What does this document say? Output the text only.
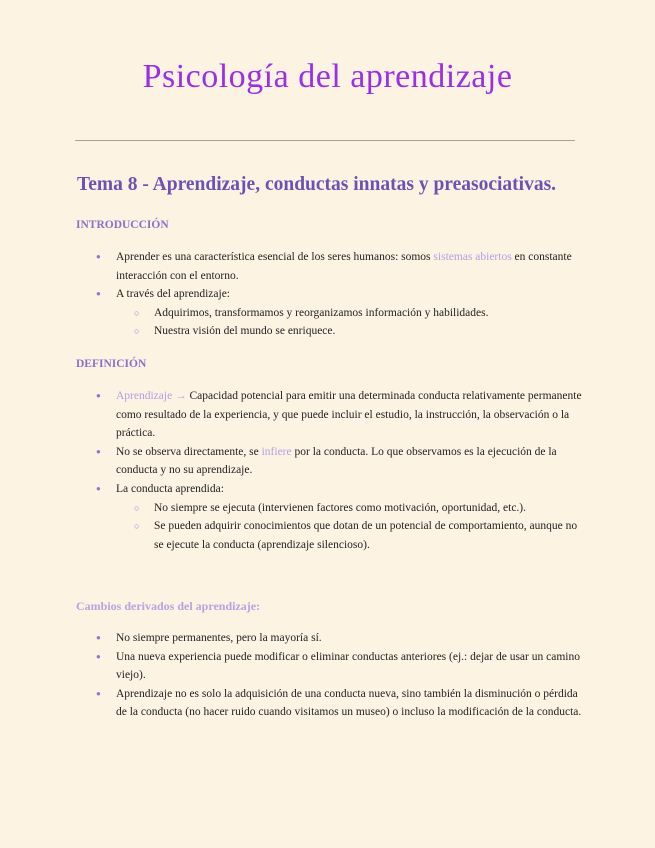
Psicología del aprendizaje
Tema 8 - Aprendizaje, conductas innatas y preasociativas.
INTRODUCCIÓN
● Aprender es una característica esencial de los seres humanos: somos sistemas abiertos en constante interacción con el entorno.
● A través del aprendizaje:
○ Adquirimos, transformamos y reorganizamos información y habilidades.
○ Nuestra visión del mundo se enriquece.
DEFINICIÓN
● Aprendizaje → Capacidad potencial para emitir una determinada conducta relativamente permanente como resultado de la experiencia, y que puede incluir el estudio, la instrucción, la observación o la práctica.
● No se observa directamente, se infiere por la conducta. Lo que observamos es la ejecución de la conducta y no su aprendizaje.
● La conducta aprendida:
○ No siempre se ejecuta (intervienen factores como motivación, oportunidad, etc.).
○ Se pueden adquirir conocimientos que dotan de un potencial de comportamiento, aunque no se ejecute la conducta (aprendizaje silencioso).
Cambios derivados del aprendizaje:
● No siempre permanentes, pero la mayoría sí.
● Una nueva experiencia puede modificar o eliminar conductas anteriores (ej.: dejar de usar un camino viejo).
● Aprendizaje no es solo la adquisición de una conducta nueva, sino también la disminución o pérdida de la conducta (no hacer ruido cuando visitamos un museo) o incluso la modificación de la conducta.
